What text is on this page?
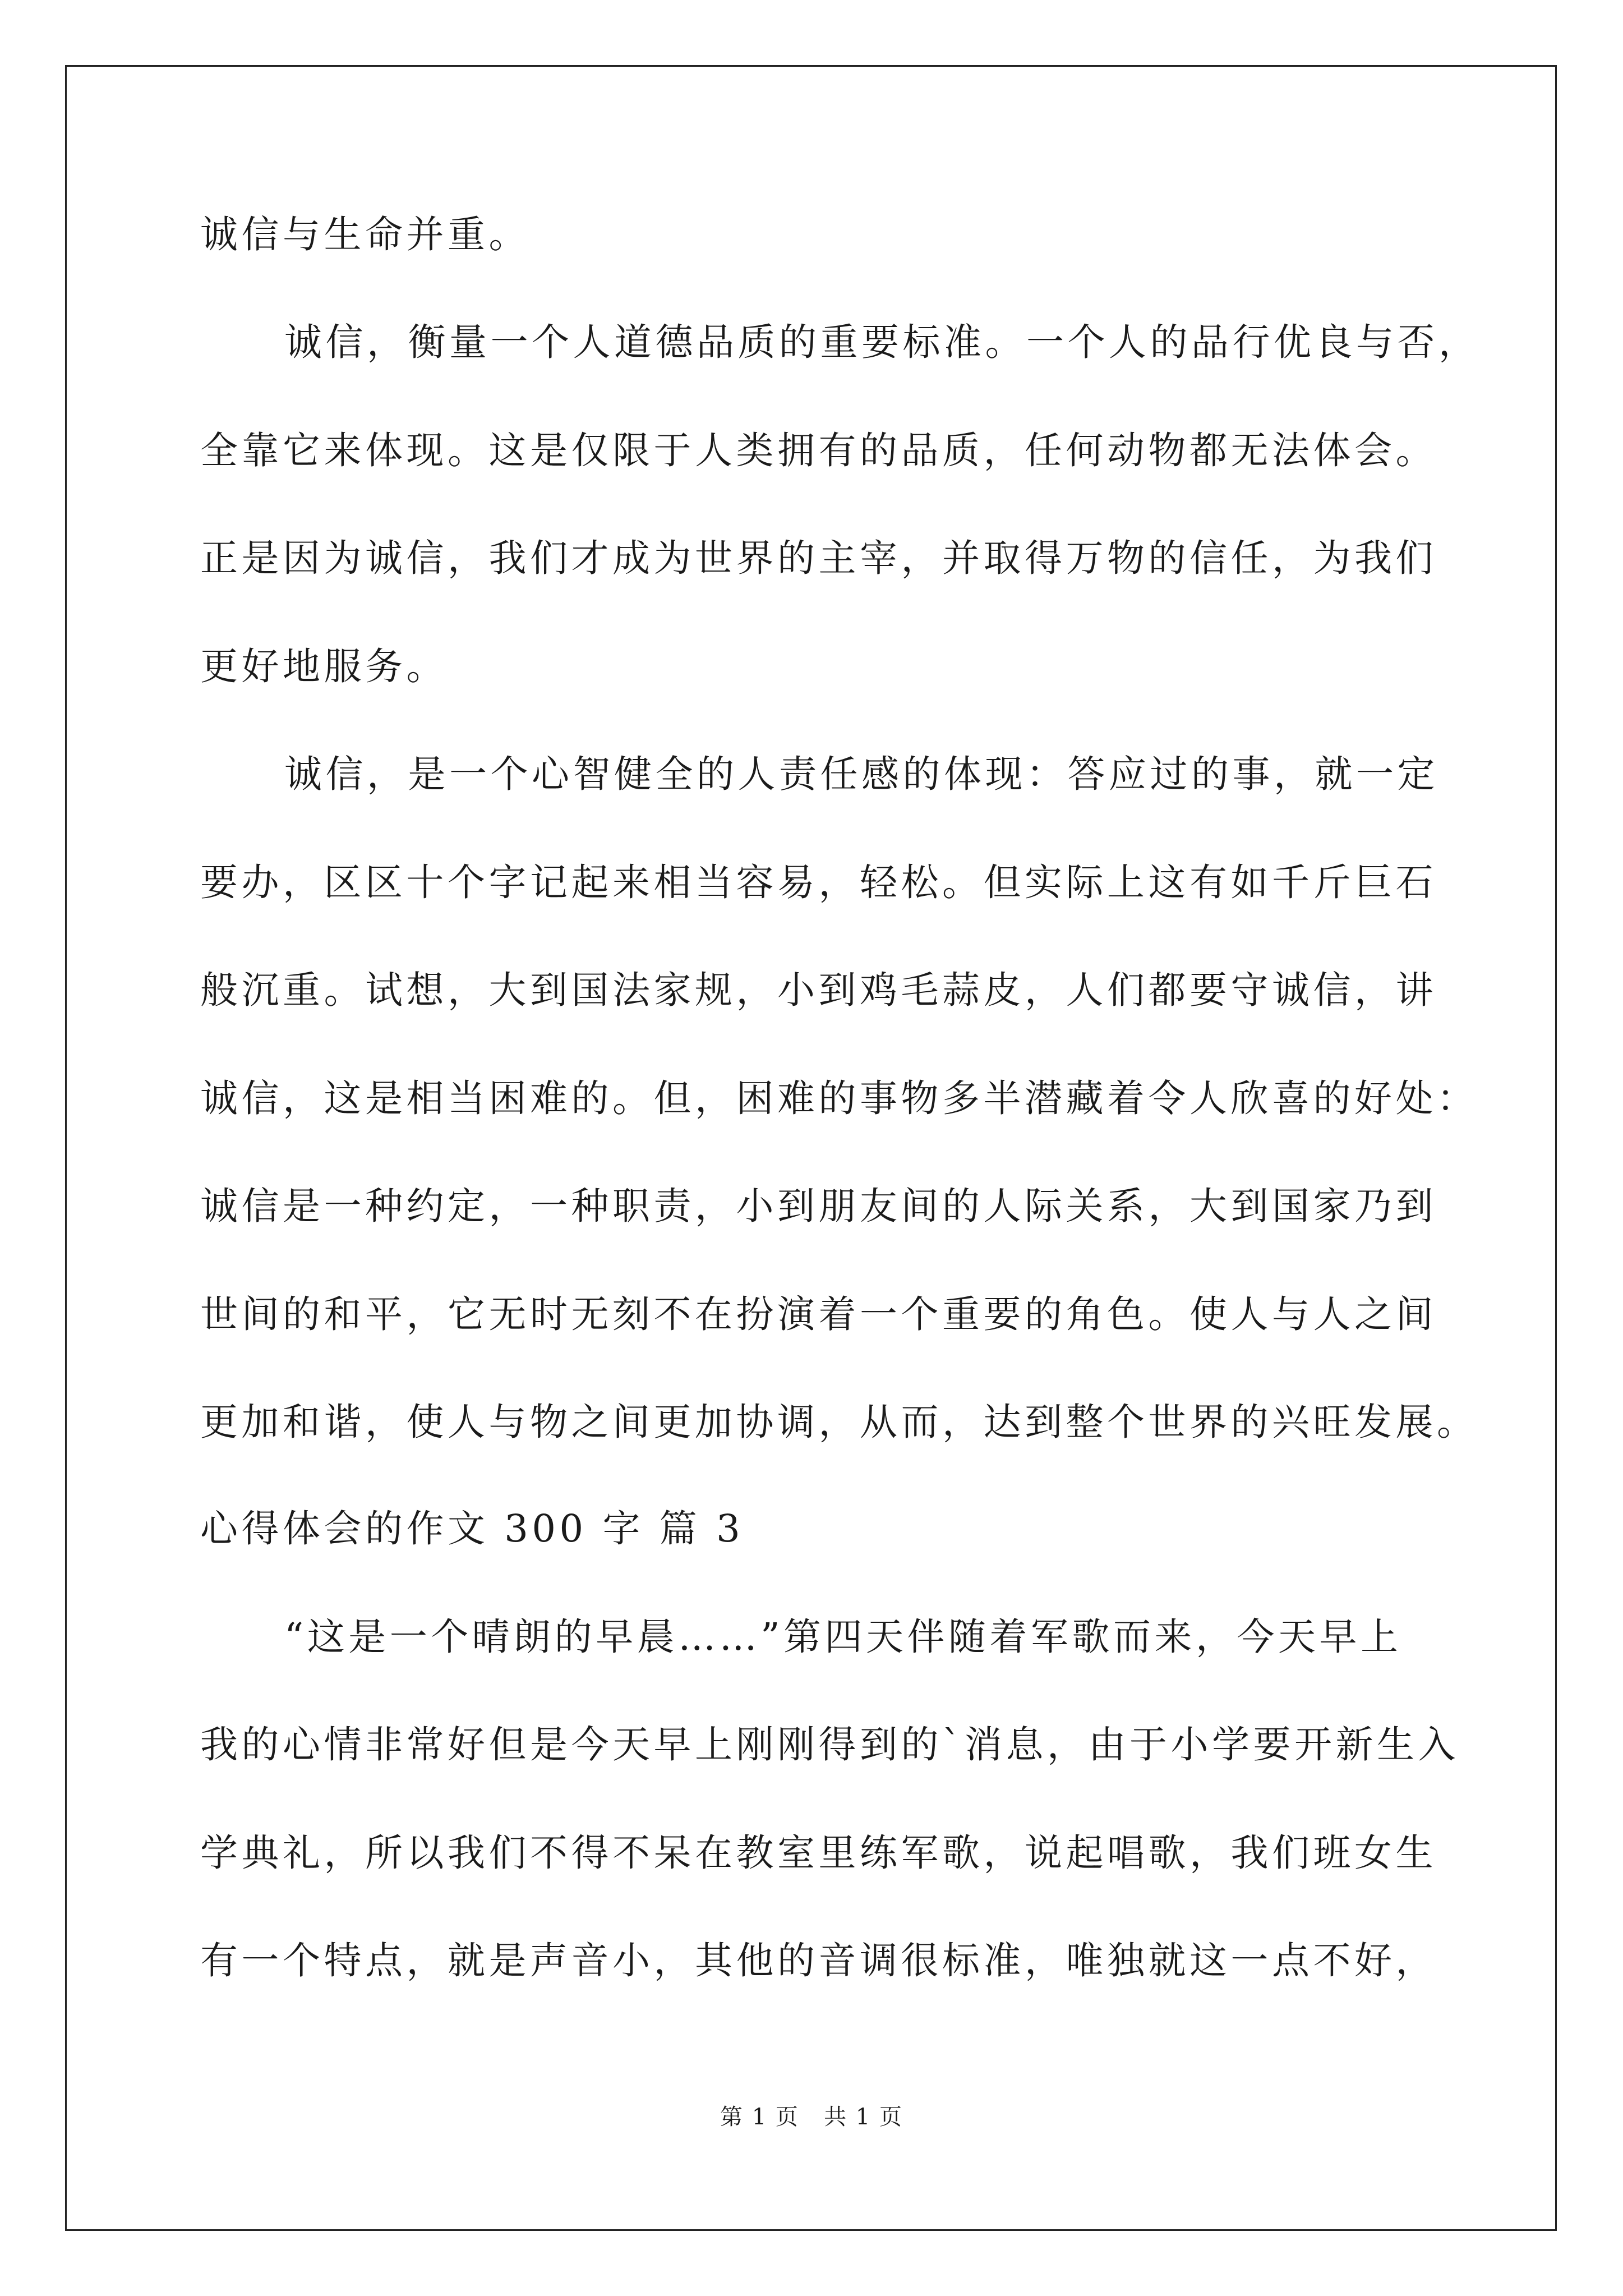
诚信与生命并重。
诚信，衡量一个人道德品质的重要标准。一个人的品行优良与否，
全靠它来体现。这是仅限于人类拥有的品质，任何动物都无法体会。
正是因为诚信，我们才成为世界的主宰，并取得万物的信任，为我们
更好地服务。
诚信，是一个心智健全的人责任感的体现：答应过的事，就一定
要办，区区十个字记起来相当容易，轻松。但实际上这有如千斤巨石
般沉重。试想，大到国法家规，小到鸡毛蒜皮，人们都要守诚信，讲
诚信，这是相当困难的。但，困难的事物多半潜藏着令人欣喜的好处：
诚信是一种约定，一种职责，小到朋友间的人际关系，大到国家乃到
世间的和平，它无时无刻不在扮演着一个重要的角色。使人与人之间
更加和谐，使人与物之间更加协调，从而，达到整个世界的兴旺发展。
心得体会的作文 300 字 篇 3
“这是一个晴朗的早晨……”第四天伴随着军歌而来，今天早上
我的心情非常好但是今天早上刚刚得到的`消息，由于小学要开新生入
学典礼，所以我们不得不呆在教室里练军歌，说起唱歌，我们班女生
有一个特点，就是声音小，其他的音调很标准，唯独就这一点不好，
第 1 页   共 1 页
